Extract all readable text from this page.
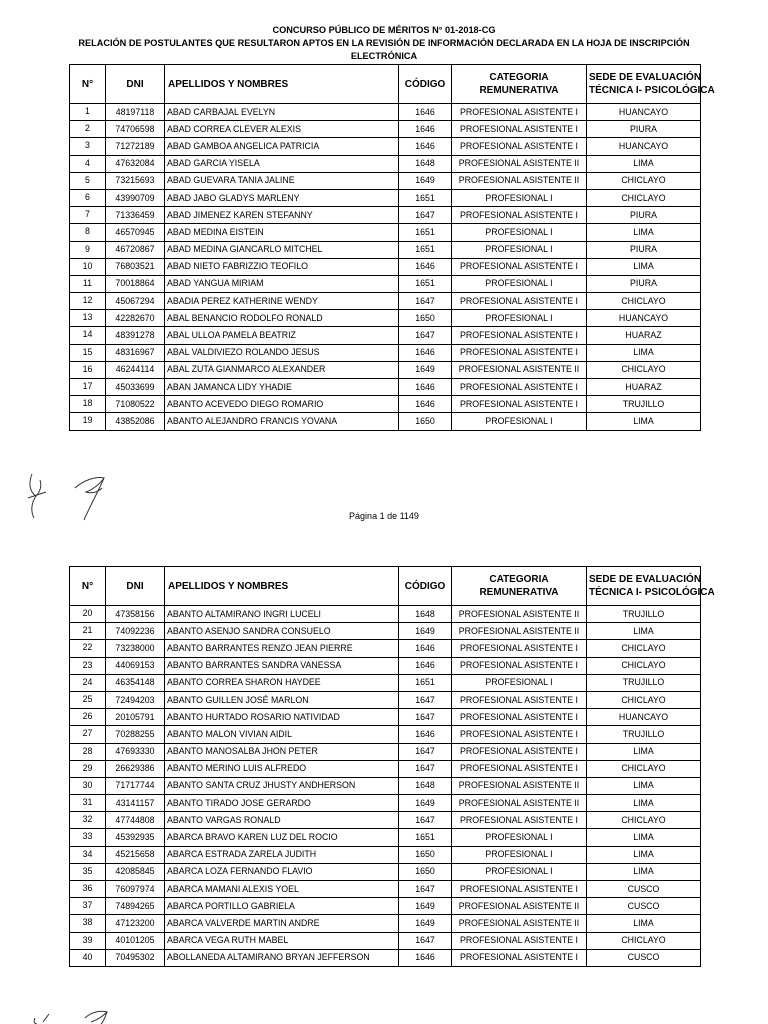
CONCURSO PÚBLICO DE MÉRITOS N° 01-2018-CG
RELACIÓN DE POSTULANTES QUE RESULTARON APTOS EN LA REVISIÓN DE INFORMACIÓN DECLARADA EN LA HOJA DE INSCRIPCIÓN
ELECTRÓNICA
N°	DNI	APELLIDOS Y NOMBRES	CÓDIGO	CATEGORIA
REMUNERATIVA	SEDE DE EVALUACIÓN
TÉCNICA I- PSICOLÓGICA
1	48197118	ABAD CARBAJAL EVELYN	1646	PROFESIONAL ASISTENTE I	HUANCAYO
2	74706598	ABAD CORREA CLEVER ALEXIS	1646	PROFESIONAL ASISTENTE I	PIURA
3	71272189	ABAD GAMBOA ANGELICA PATRICIA	1646	PROFESIONAL ASISTENTE I	HUANCAYO
4	47632084	ABAD GARCIA YISELA	1648	PROFESIONAL ASISTENTE II	LIMA
5	73215693	ABAD GUEVARA TANIA JALINE	1649	PROFESIONAL ASISTENTE II	CHICLAYO
6	43990709	ABAD JABO GLADYS MARLENY	1651	PROFESIONAL I	CHICLAYO
7	71336459	ABAD JIMENEZ KAREN STEFANNY	1647	PROFESIONAL ASISTENTE I	PIURA
8	46570945	ABAD MEDINA EISTEIN	1651	PROFESIONAL I	LIMA
9	46720867	ABAD MEDINA GIANCARLO MITCHEL	1651	PROFESIONAL I	PIURA
10	76803521	ABAD NIETO FABRIZZIO TEOFILO	1646	PROFESIONAL ASISTENTE I	LIMA
11	70018864	ABAD YANGUA MIRIAM	1651	PROFESIONAL I	PIURA
12	45067294	ABADIA PEREZ KATHERINE WENDY	1647	PROFESIONAL ASISTENTE I	CHICLAYO
13	42282670	ABAL BENANCIO RODOLFO RONALD	1650	PROFESIONAL I	HUANCAYO
14	48391278	ABAL ULLOA PAMELA BEATRIZ	1647	PROFESIONAL ASISTENTE I	HUARAZ
15	48316967	ABAL VALDIVIEZO ROLANDO JESUS	1646	PROFESIONAL ASISTENTE I	LIMA
16	46244114	ABAL ZUTA GIANMARCO ALEXANDER	1649	PROFESIONAL ASISTENTE II	CHICLAYO
17	45033699	ABAN JAMANCA LIDY YHADIE	1646	PROFESIONAL ASISTENTE I	HUARAZ
18	71080522	ABANTO ACEVEDO DIEGO ROMARIO	1646	PROFESIONAL ASISTENTE I	TRUJILLO
19	43852086	ABANTO ALEJANDRO FRANCIS YOVANA	1650	PROFESIONAL I	LIMA
Página 1 de 1149
N°	DNI	APELLIDOS Y NOMBRES	CÓDIGO	CATEGORIA
REMUNERATIVA	SEDE DE EVALUACIÓN
TÉCNICA I- PSICOLÓGICA
20	47358156	ABANTO ALTAMIRANO INGRI LUCELI	1648	PROFESIONAL ASISTENTE II	TRUJILLO
21	74092236	ABANTO ASENJO SANDRA CONSUELO	1649	PROFESIONAL ASISTENTE II	LIMA
22	73238000	ABANTO BARRANTES RENZO JEAN PIERRE	1646	PROFESIONAL ASISTENTE I	CHICLAYO
23	44069153	ABANTO BARRANTES SANDRA VANESSA	1646	PROFESIONAL ASISTENTE I	CHICLAYO
24	46354148	ABANTO CORREA SHARON HAYDEE	1651	PROFESIONAL I	TRUJILLO
25	72494203	ABANTO GUILLEN JOSÉ MARLON	1647	PROFESIONAL ASISTENTE I	CHICLAYO
26	20105791	ABANTO HURTADO ROSARIO NATIVIDAD	1647	PROFESIONAL ASISTENTE I	HUANCAYO
27	70288255	ABANTO MALON VIVIAN AIDIL	1646	PROFESIONAL ASISTENTE I	TRUJILLO
28	47693330	ABANTO MANOSALBA JHON PETER	1647	PROFESIONAL ASISTENTE I	LIMA
29	26629386	ABANTO MERINO LUIS ALFREDO	1647	PROFESIONAL ASISTENTE I	CHICLAYO
30	71717744	ABANTO SANTA CRUZ JHUSTY ANDHERSON	1648	PROFESIONAL ASISTENTE II	LIMA
31	43141157	ABANTO TIRADO JOSE GERARDO	1649	PROFESIONAL ASISTENTE II	LIMA
32	47744808	ABANTO VARGAS RONALD	1647	PROFESIONAL ASISTENTE I	CHICLAYO
33	45392935	ABARCA BRAVO KAREN LUZ DEL ROCIO	1651	PROFESIONAL I	LIMA
34	45215658	ABARCA ESTRADA ZARELA JUDITH	1650	PROFESIONAL I	LIMA
35	42085845	ABARCA LOZA FERNANDO FLAVIO	1650	PROFESIONAL I	LIMA
36	76097974	ABARCA MAMANI ALEXIS YOEL	1647	PROFESIONAL ASISTENTE I	CUSCO
37	74894265	ABARCA PORTILLO GABRIELA	1649	PROFESIONAL ASISTENTE II	CUSCO
38	47123200	ABARCA VALVERDE MARTIN ANDRE	1649	PROFESIONAL ASISTENTE II	LIMA
39	40101205	ABARCA VEGA RUTH MABEL	1647	PROFESIONAL ASISTENTE I	CHICLAYO
40	70495302	ABOLLANEDA ALTAMIRANO BRYAN JEFFERSON	1646	PROFESIONAL ASISTENTE I	CUSCO
